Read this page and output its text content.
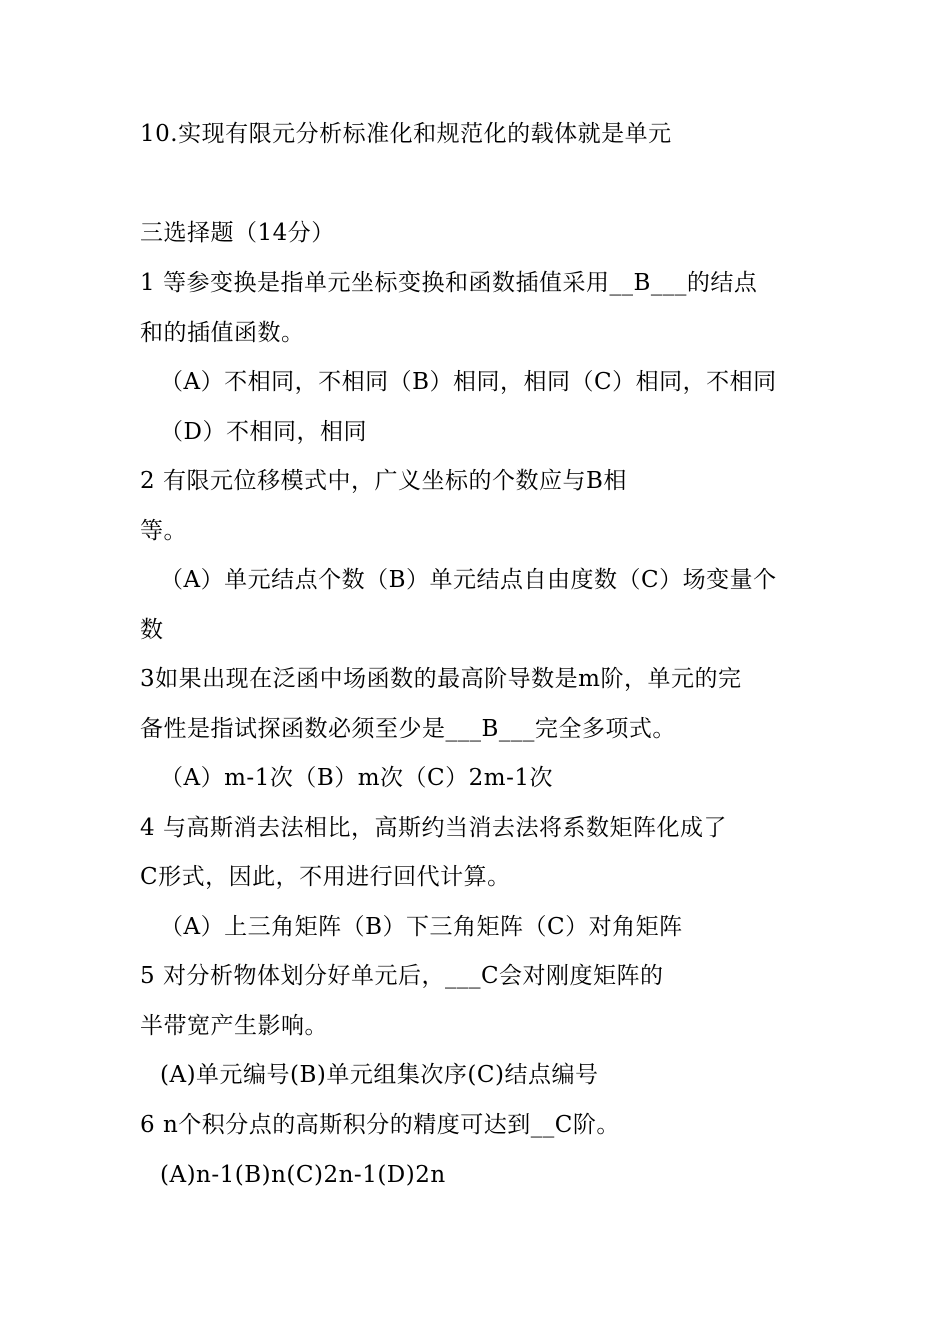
10.实现有限元分析标准化和规范化的载体就是单元
三选择题（14分）
1 等参变换是指单元坐标变换和函数插值采用__B___的结点
和的插值函数。
（A）不相同，不相同（B）相同，相同（C）相同，不相同
（D）不相同，相同
2 有限元位移模式中，广义坐标的个数应与B相
等。
（A）单元结点个数（B）单元结点自由度数（C）场变量个
数
3如果出现在泛函中场函数的最高阶导数是m阶，单元的完
备性是指试探函数必须至少是___B___完全多项式。
（A）m-1次（B）m次（C）2m-1次
4 与高斯消去法相比，高斯约当消去法将系数矩阵化成了
C形式，因此，不用进行回代计算。
（A）上三角矩阵（B）下三角矩阵（C）对角矩阵
5 对分析物体划分好单元后，___C会对刚度矩阵的
半带宽产生影响。
(A)单元编号(B)单元组集次序(C)结点编号
6 n个积分点的高斯积分的精度可达到__C阶。
(A)n-1(B)n(C)2n-1(D)2n
